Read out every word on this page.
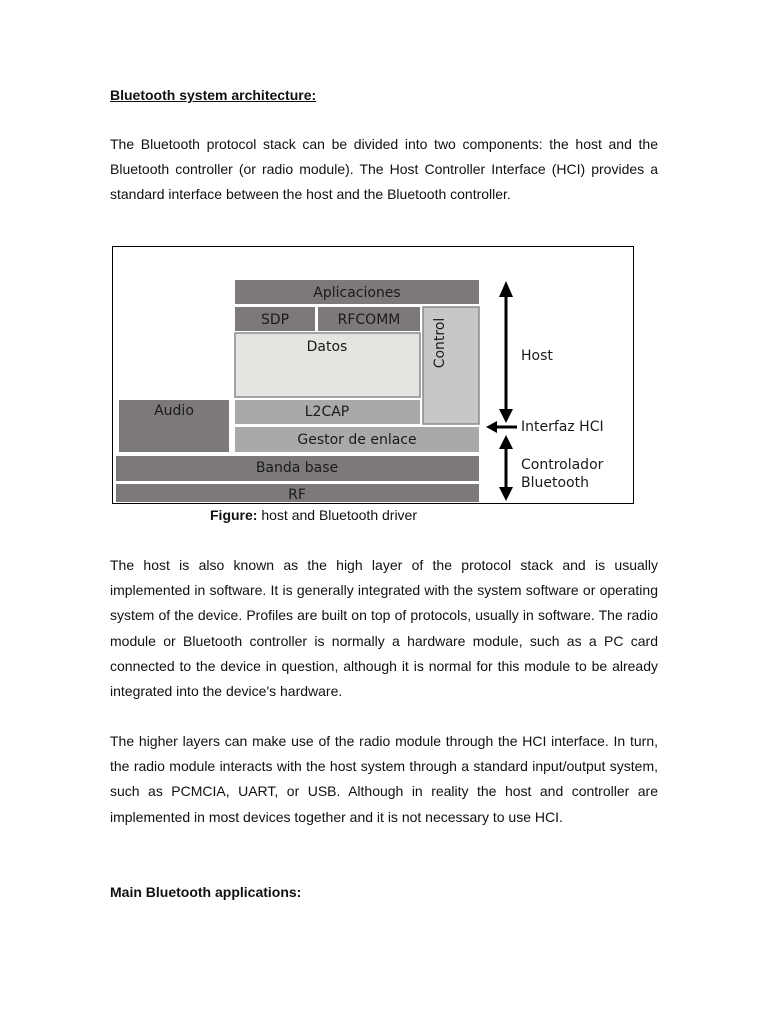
Bluetooth system architecture:

The Bluetooth protocol stack can be divided into two components: the host and the Bluetooth controller (or radio module). The Host Controller Interface (HCI) provides a standard interface between the host and the Bluetooth controller.

Aplicaciones
SDP	RFCOMM
Datos	Control
Audio	L2CAP
Gestor de enlace
Banda base
RF
Host
Interfaz HCI
Controlador
Bluetooth

Figure: host and Bluetooth driver

The host is also known as the high layer of the protocol stack and is usually implemented in software. It is generally integrated with the system software or operating system of the device. Profiles are built on top of protocols, usually in software. The radio module or Bluetooth controller is normally a hardware module, such as a PC card connected to the device in question, although it is normal for this module to be already integrated into the device's hardware.

The higher layers can make use of the radio module through the HCI interface. In turn, the radio module interacts with the host system through a standard input/output system, such as PCMCIA, UART, or USB. Although in reality the host and controller are implemented in most devices together and it is not necessary to use HCI.

Main Bluetooth applications:
